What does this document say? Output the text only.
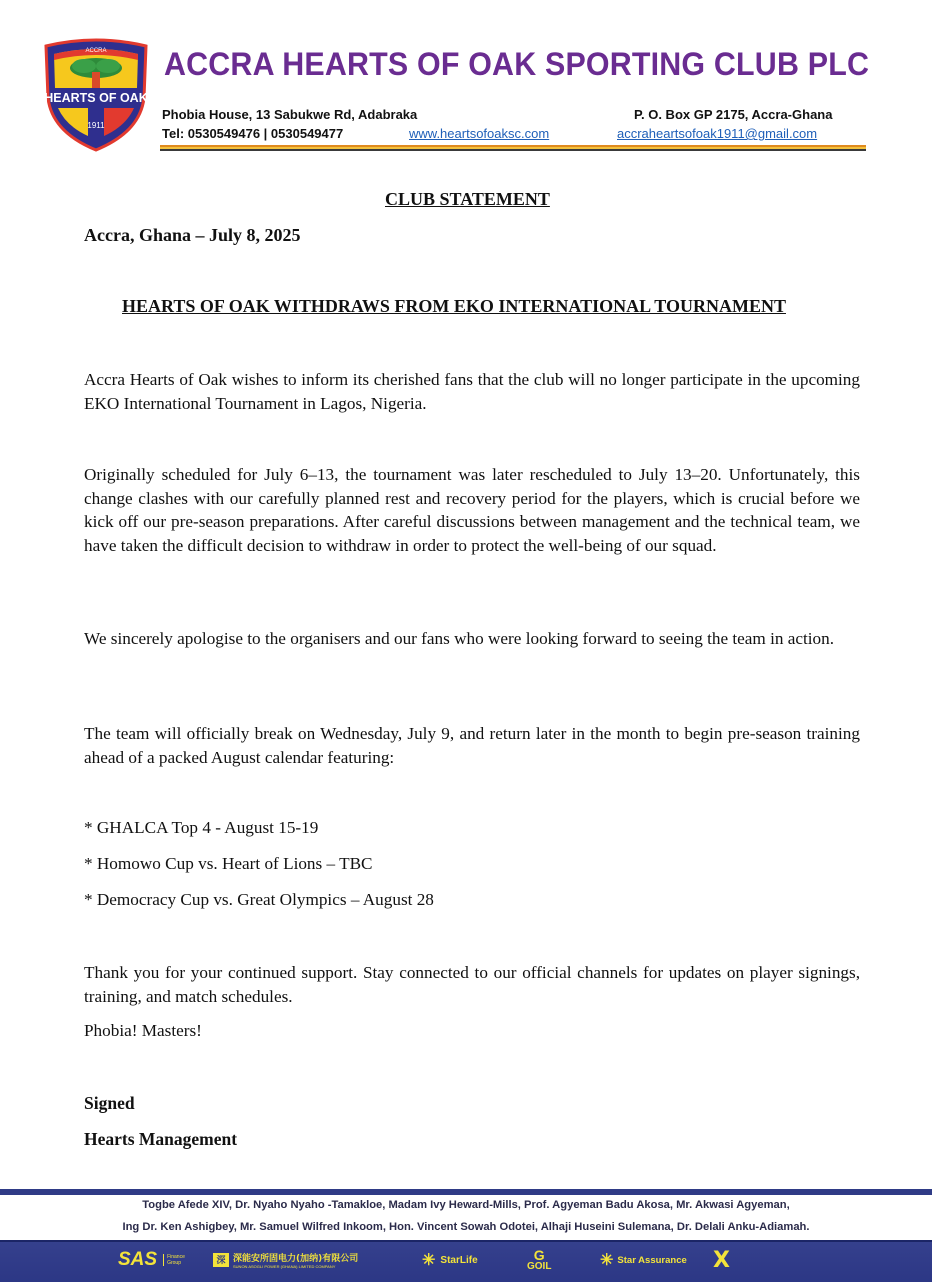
ACCRA
HEARTS OF OAK
1911
ACCRA HEARTS OF OAK SPORTING CLUB PLC
Phobia House, 13 Sabukwe Rd, Adabraka	P. O. Box GP 2175, Accra-Ghana
Tel: 0530549476 | 0530549477	www.heartsofoaksc.com	accraheartsofoak1911@gmail.com
CLUB STATEMENT
Accra, Ghana – July 8, 2025
HEARTS OF OAK WITHDRAWS FROM EKO INTERNATIONAL TOURNAMENT
Accra Hearts of Oak wishes to inform its cherished fans that the club will no longer participate in the upcoming EKO International Tournament in Lagos, Nigeria.
Originally scheduled for July 6–13, the tournament was later rescheduled to July 13–20. Unfortunately, this change clashes with our carefully planned rest and recovery period for the players, which is crucial before we kick off our pre-season preparations. After careful discussions between management and the technical team, we have taken the difficult decision to withdraw in order to protect the well-being of our squad.
We sincerely apologise to the organisers and our fans who were looking forward to seeing the team in action.
The team will officially break on Wednesday, July 9, and return later in the month to begin pre-season training ahead of a packed August calendar featuring:
* GHALCA Top 4 - August 15-19
* Homowo Cup vs. Heart of Lions – TBC
* Democracy Cup vs. Great Olympics – August 28
Thank you for your continued support. Stay connected to our official channels for updates on player signings, training, and match schedules.
Phobia! Masters!
Signed
Hearts Management
Togbe Afede XIV, Dr. Nyaho Nyaho -Tamakloe, Madam Ivy Heward-Mills, Prof. Agyeman Badu Akosa, Mr. Akwasi Agyeman,
Ing Dr. Ken Ashigbey, Mr. Samuel Wilfred Inkoom, Hon. Vincent Sowah Odotei, Alhaji Huseini Sulemana, Dr. Delali Anku-Adiamah.
SAS	Finance Group	深 深能安所固电力(加纳)有限公司
SUNON ASOGLI POWER (GHANA) LIMITED COMPANY	✳ StarLife	G
GOIL	✳ Star Assurance X
